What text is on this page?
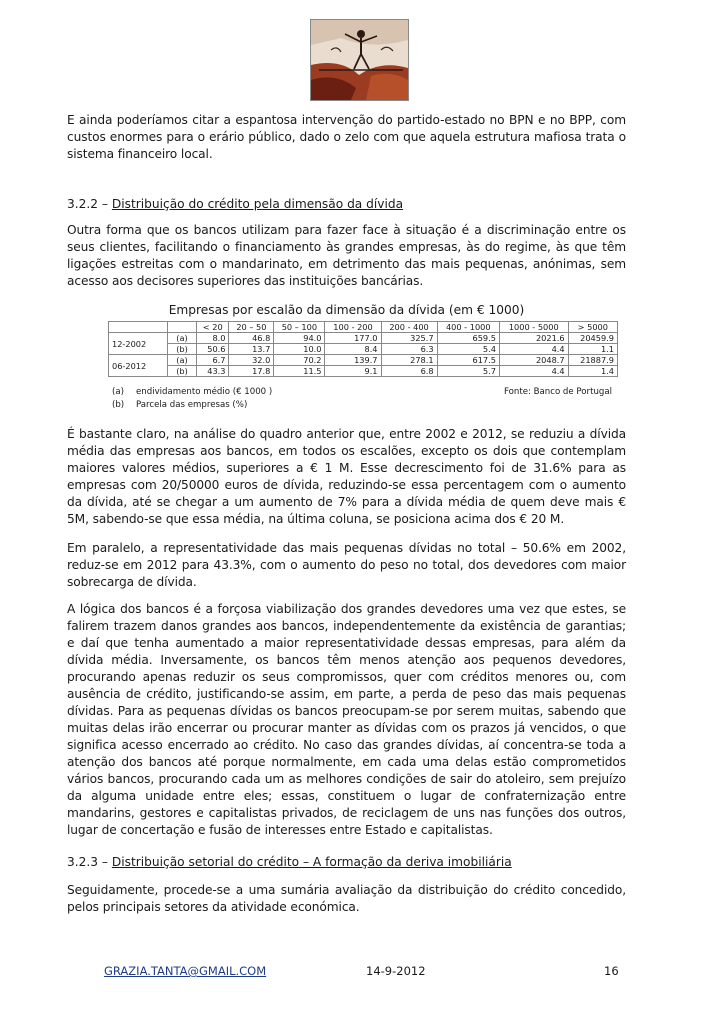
E ainda poderíamos citar a espantosa intervenção do partido-estado no BPN e no BPP, com custos enormes para o erário público, dado o zelo com que aquela estrutura mafiosa trata o sistema financeiro local.

3.2.2 – Distribuição do crédito pela dimensão da dívida

Outra forma que os bancos utilizam para fazer face à situação é a discriminação entre os seus clientes, facilitando o financiamento às grandes empresas, às do regime, às que têm ligações estreitas com o mandarinato, em detrimento das mais pequenas, anónimas, sem acesso aos decisores superiores das instituições bancárias.

Empresas por escalão da dimensão da dívida (em € 1000)

		< 20	20 – 50	50 – 100	100 - 200	200 - 400	400 - 1000	1000 - 5000	> 5000
12-2002	(a)	8.0	46.8	94.0	177.0	325.7	659.5	2021.6	20459.9
	(b)	50.6	13.7	10.0	8.4	6.3	5.4	4.4	1.1
06-2012	(a)	6.7	32.0	70.2	139.7	278.1	617.5	2048.7	21887.9
	(b)	43.3	17.8	11.5	9.1	6.8	5.7	4.4	1.4
(a)	endividamento médio (€ 1000 )
(b)	Parcela das empresas (%)
Fonte: Banco de Portugal

É bastante claro, na análise do quadro anterior que, entre 2002 e 2012, se reduziu a dívida média das empresas aos bancos, em todos os escalões, excepto os dois que contemplam maiores valores médios, superiores a € 1 M. Esse decrescimento foi de 31.6% para as empresas com 20/50000 euros de dívida, reduzindo-se essa percentagem com o aumento da dívida, até se chegar a um aumento de 7% para a dívida média de quem deve mais € 5M, sabendo-se que essa média, na última coluna, se posiciona acima dos € 20 M.

Em paralelo, a representatividade das mais pequenas dívidas no total – 50.6% em 2002, reduz-se em 2012 para 43.3%, com o aumento do peso no total, dos devedores com maior sobrecarga de dívida.

A lógica dos bancos é a forçosa viabilização dos grandes devedores uma vez que estes, se falirem trazem danos grandes aos bancos, independentemente da existência de garantias; e daí que tenha aumentado a maior representatividade dessas empresas, para além da dívida média. Inversamente, os bancos têm menos atenção aos pequenos devedores, procurando apenas reduzir os seus compromissos, quer com créditos menores ou, com ausência de crédito, justificando-se assim, em parte, a perda de peso das mais pequenas dívidas. Para as pequenas dívidas os bancos preocupam-se por serem muitas, sabendo que muitas delas irão encerrar ou procurar manter as dívidas com os prazos já vencidos, o que significa acesso encerrado ao crédito. No caso das grandes dívidas, aí concentra-se toda a atenção dos bancos até porque normalmente, em cada uma delas estão comprometidos vários bancos, procurando cada um as melhores condições de sair do atoleiro, sem prejuízo da alguma unidade entre eles; essas, constituem o lugar de confraternização entre mandarins, gestores e capitalistas privados, de reciclagem de uns nas funções dos outros, lugar de concertação e fusão de interesses entre Estado e capitalistas.

3.2.3 – Distribuição setorial do crédito – A formação da deriva imobiliária

Seguidamente, procede-se a uma sumária avaliação da distribuição do crédito concedido, pelos principais setores da atividade económica.

GRAZIA.TANTA@GMAIL.COM	14-9-2012	16
